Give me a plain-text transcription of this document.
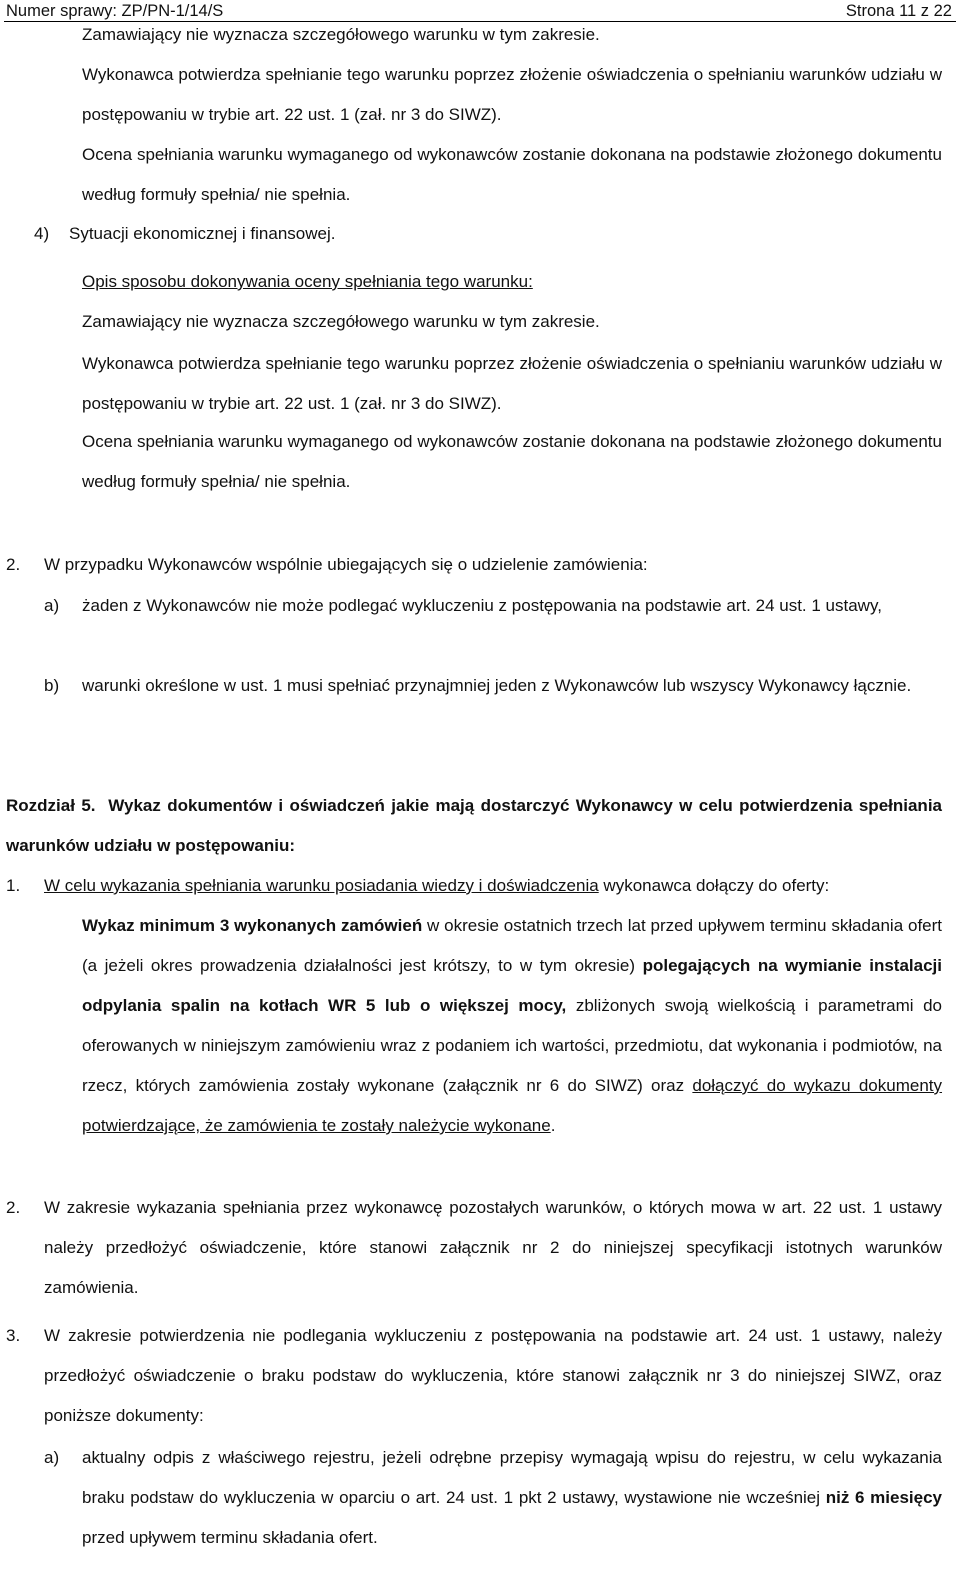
Numer sprawy: ZP/PN-1/14/S	Strona 11 z 22
Zamawiający nie wyznacza szczegółowego warunku w tym zakresie.
Wykonawca potwierdza spełnianie tego warunku poprzez złożenie oświadczenia o spełnianiu warunków udziału w postępowaniu w trybie art. 22 ust. 1 (zał. nr 3 do SIWZ).
Ocena spełniania warunku wymaganego od wykonawców zostanie dokonana na podstawie złożonego dokumentu według formuły spełnia/ nie spełnia.
4) Sytuacji ekonomicznej i finansowej.
Opis sposobu dokonywania oceny spełniania tego warunku:
Zamawiający nie wyznacza szczegółowego warunku w tym zakresie.
Wykonawca potwierdza spełnianie tego warunku poprzez złożenie oświadczenia o spełnianiu warunków udziału w postępowaniu w trybie art. 22 ust. 1 (zał. nr 3 do SIWZ).
Ocena spełniania warunku wymaganego od wykonawców zostanie dokonana na podstawie złożonego dokumentu według formuły spełnia/ nie spełnia.
2. W przypadku Wykonawców wspólnie ubiegających się o udzielenie zamówienia:
a) żaden z Wykonawców nie może podlegać wykluczeniu z postępowania na podstawie art. 24 ust. 1 ustawy,
b) warunki określone w ust. 1 musi spełniać przynajmniej jeden z Wykonawców lub wszyscy Wykonawcy łącznie.
Rozdział 5. Wykaz dokumentów i oświadczeń jakie mają dostarczyć Wykonawcy w celu potwierdzenia spełniania warunków udziału w postępowaniu:
1. W celu wykazania spełniania warunku posiadania wiedzy i doświadczenia wykonawca dołączy do oferty:
Wykaz minimum 3 wykonanych zamówień w okresie ostatnich trzech lat przed upływem terminu składania ofert (a jeżeli okres prowadzenia działalności jest krótszy, to w tym okresie) polegających na wymianie instalacji odpylania spalin na kotłach WR 5 lub o większej mocy, zbliżonych swoją wielkością i parametrami do oferowanych w niniejszym zamówieniu wraz z podaniem ich wartości, przedmiotu, dat wykonania i podmiotów, na rzecz, których zamówienia zostały wykonane (załącznik nr 6 do SIWZ) oraz dołączyć do wykazu dokumenty potwierdzające, że zamówienia te zostały należycie wykonane.
2. W zakresie wykazania spełniania przez wykonawcę pozostałych warunków, o których mowa w art. 22 ust. 1 ustawy należy przedłożyć oświadczenie, które stanowi załącznik nr 2 do niniejszej specyfikacji istotnych warunków zamówienia.
3. W zakresie potwierdzenia nie podlegania wykluczeniu z postępowania na podstawie art. 24 ust. 1 ustawy, należy przedłożyć oświadczenie o braku podstaw do wykluczenia, które stanowi załącznik nr 3 do niniejszej SIWZ, oraz poniższe dokumenty:
a) aktualny odpis z właściwego rejestru, jeżeli odrębne przepisy wymagają wpisu do rejestru, w celu wykazania braku podstaw do wykluczenia w oparciu o art. 24 ust. 1 pkt 2 ustawy, wystawione nie wcześniej niż 6 miesięcy przed upływem terminu składania ofert.
